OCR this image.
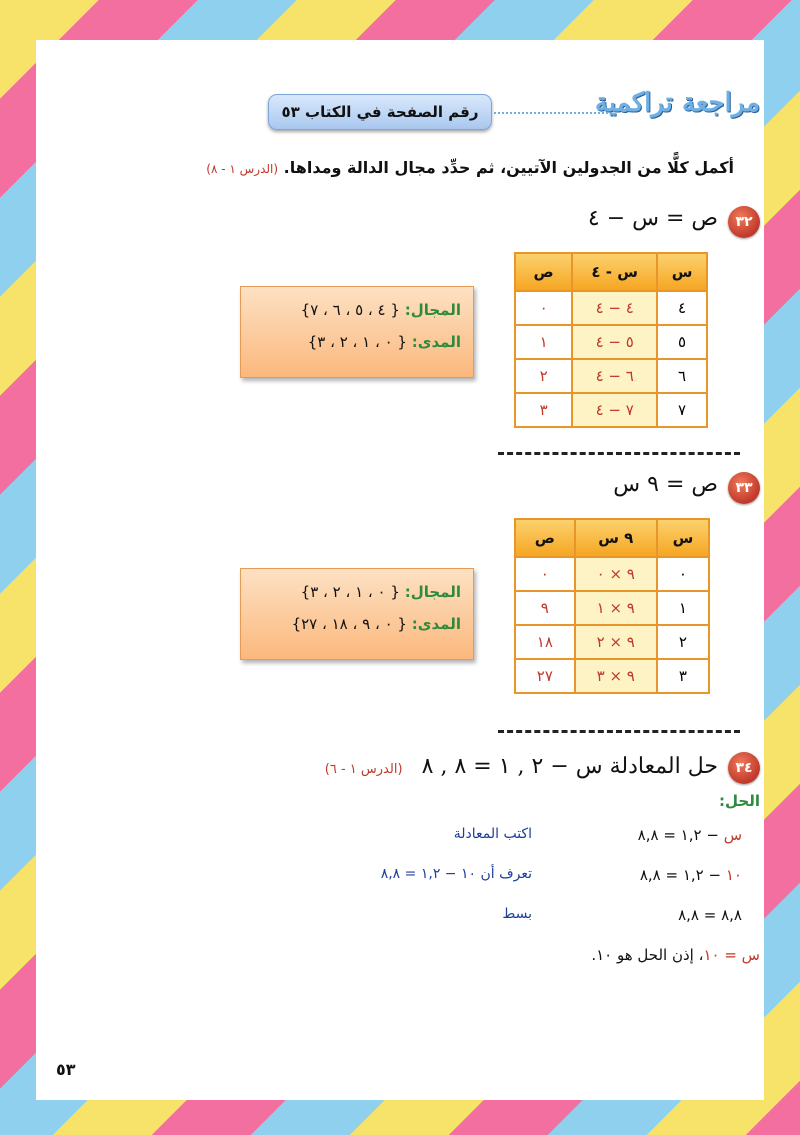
مراجعة تراكمية
رقم الصفحة في الكتاب ٥٣
أكمل كلًّا من الجدولين الآتيين، ثم حدِّد مجال الدالة ومداها. (الدرس ١ - ٨)
٣٢
ص = س − ٤
س	س - ٤	ص
٤	٤ − ٤	٠
٥	٥ − ٤	١
٦	٦ − ٤	٢
٧	٧ − ٤	٣
المجال: { ٤ ، ٥ ، ٦ ، ٧}
المدى: { ٠ ، ١ ، ٢ ، ٣}
٣٣
ص = ٩ س
س	٩ س	ص
٠	٩ × ٠	٠
١	٩ × ١	٩
٢	٩ × ٢	١٨
٣	٩ × ٣	٢٧
المجال: { ٠ ، ١ ، ٢ ، ٣}
المدى: { ٠ ، ٩ ، ١٨ ، ٢٧}
٣٤
حل المعادلة س − ٢ , ١ = ٨ , ٨ (الدرس ١ - ٦)
الحل:
س − ١,٢ = ٨,٨
اكتب المعادلة
١٠ − ١,٢ = ٨,٨
تعرف أن ١٠ − ١,٢ = ٨,٨
٨,٨ = ٨,٨
بسط
س = ١٠، إذن الحل هو ١٠.
٥٣
